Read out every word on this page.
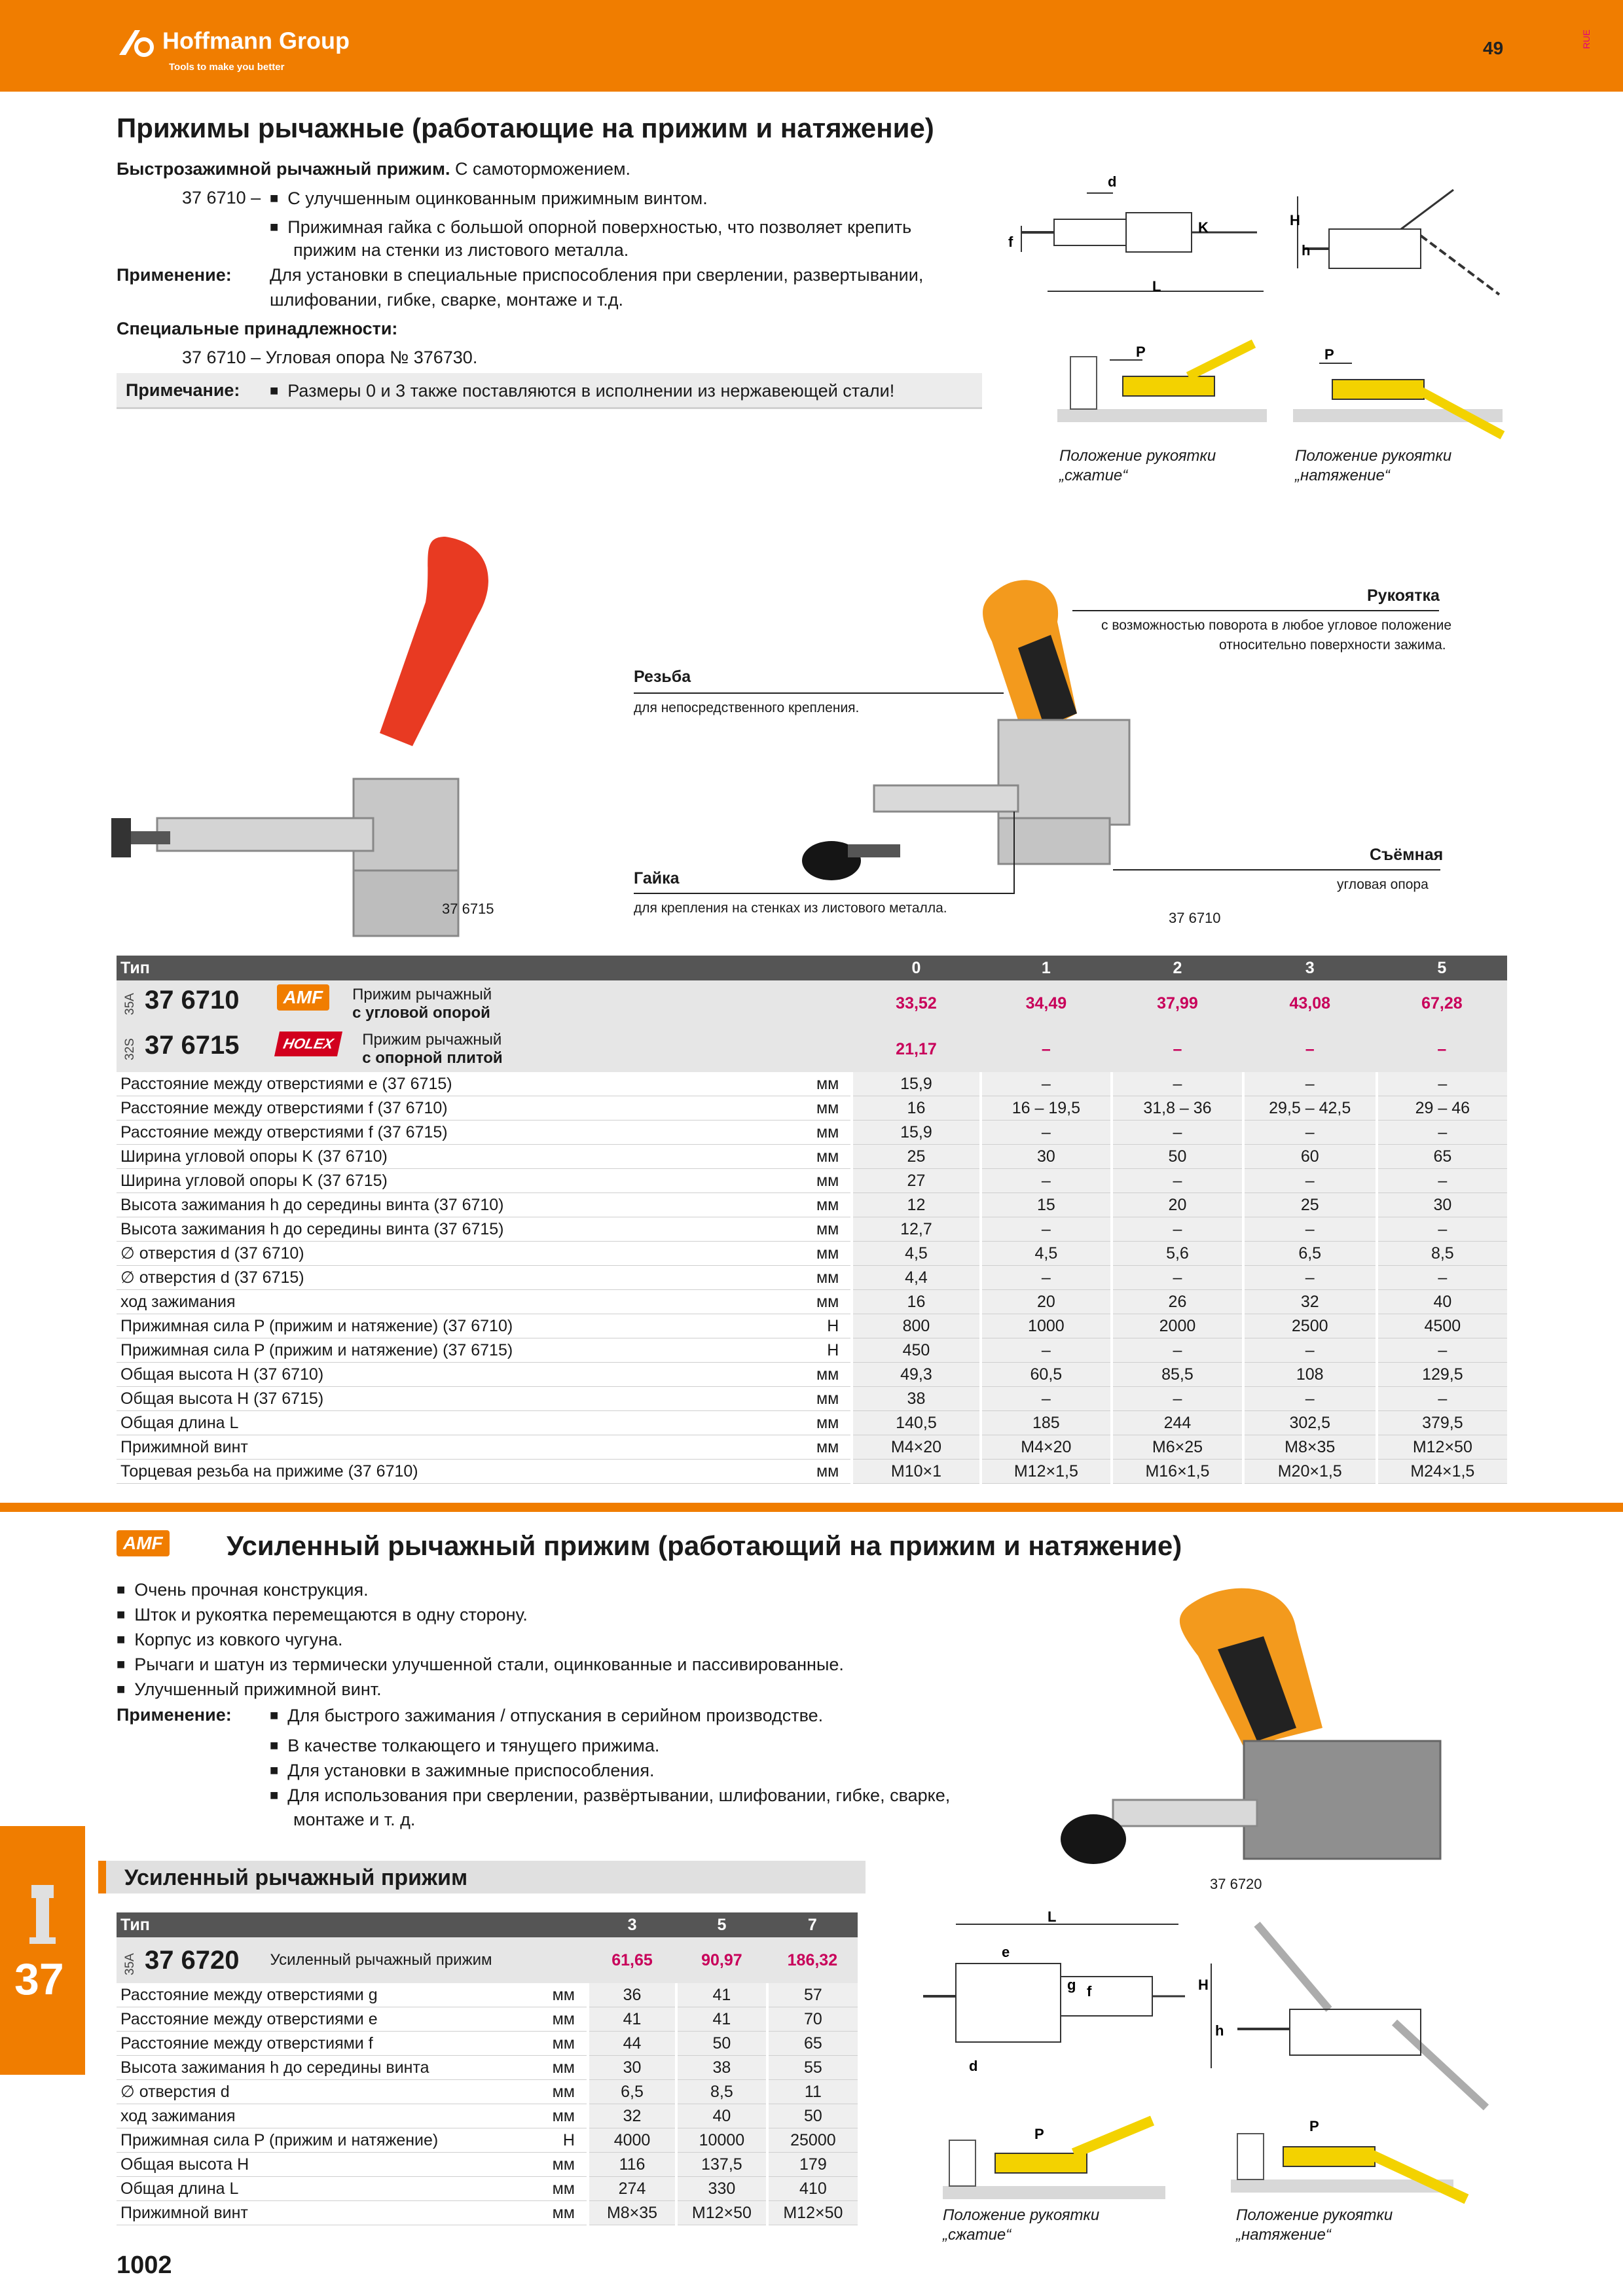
Hoffmann Group
Tools to make you better
49	RUE
Прижимы рычажные (работающие на прижим и натяжение)
Быстрозажимной рычажный прижим. С самоторможением.
37 6710 –	■ С улучшенным оцинкованным прижимным винтом.
■ Прижимная гайка с большой опорной поверхностью, что позволяет крепить
прижим на стенки из листового металла.
Применение: Для установки в специальные приспособления при сверлении, развертывании,
шлифовании, гибке, сварке, монтаже и т.д.
Специальные принадлежности:
37 6710 – Угловая опора № 376730.
Примечание:	■ Размеры 0 и 3 также поставляются в исполнении из нержавеющей стали!
d
f
K
L
H
h
P	P
Положение рукоятки
„сжатие“
Положение рукоятки
„натяжение“
37 6715
37 6710
Рукоятка
с возможностью поворота в любое угловое положение
относительно поверхности зажима.
Резьба
для непосредственного крепления.
Гайка
для крепления на стенках из листового металла.
Съёмная
угловая опора
Тип		0	1	2	3	5
35A 37 6710 AMF Прижим рычажный
с угловой опорой		33,52	34,49	37,99	43,08	67,28
32S 37 6715 HOLEX Прижим рычажный
с опорной плитой		21,17	–	–	–	–
Расстояние между отверстиями e (37 6715)	мм	15,9	–	–	–	–
Расстояние между отверстиями f (37 6710)	мм	16	16 – 19,5	31,8 – 36	29,5 – 42,5	29 – 46
Расстояние между отверстиями f (37 6715)	мм	15,9	–	–	–	–
Ширина угловой опоры K (37 6710)	мм	25	30	50	60	65
Ширина угловой опоры K (37 6715)	мм	27	–	–	–	–
Высота зажимания h до середины винта (37 6710)	мм	12	15	20	25	30
Высота зажимания h до середины винта (37 6715)	мм	12,7	–	–	–	–
∅ отверстия d (37 6710)	мм	4,5	4,5	5,6	6,5	8,5
∅ отверстия d (37 6715)	мм	4,4	–	–	–	–
ход зажимания	мм	16	20	26	32	40
Прижимная сила P (прижим и натяжение) (37 6710)	Н	800	1000	2000	2500	4500
Прижимная сила P (прижим и натяжение) (37 6715)	Н	450	–	–	–	–
Общая высота H (37 6710)	мм	49,3	60,5	85,5	108	129,5
Общая высота H (37 6715)	мм	38	–	–	–	–
Общая длина L	мм	140,5	185	244	302,5	379,5
Прижимной винт	мм	M4×20	M4×20	M6×25	M8×35	M12×50
Торцевая резьба на прижиме (37 6710)	мм	M10×1	M12×1,5	M16×1,5	M20×1,5	M24×1,5
AMF Усиленный рычажный прижим (работающий на прижим и натяжение)
■ Очень прочная конструкция.
■ Шток и рукоятка перемещаются в одну сторону.
■ Корпус из ковкого чугуна.
■ Рычаги и шатун из термически улучшенной стали, оцинкованные и пассивированные.
■ Улучшенный прижимной винт.
Применение:	■ Для быстрого зажимания / отпускания в серийном производстве.
■ В качестве толкающего и тянущего прижима.
■ Для установки в зажимные приспособления.
■ Для использования при сверлении, развёртывании, шлифовании, гибке, сварке,
монтаже и т. д.
37 6720
Усиленный рычажный прижим
Тип		3	5	7
35A 37 6720 Усиленный рычажный прижим		61,65	90,97	186,32
Расстояние между отверстиями g	мм	36	41	57
Расстояние между отверстиями e	мм	41	41	70
Расстояние между отверстиями f	мм	44	50	65
Высота зажимания h до середины винта	мм	30	38	55
∅ отверстия d	мм	6,5	8,5	11
ход зажимания	мм	32	40	50
Прижимная сила P (прижим и натяжение)	Н	4000	10000	25000
Общая высота H	мм	116	137,5	179
Общая длина L	мм	274	330	410
Прижимной винт	мм	M8×35	M12×50	M12×50
L
e
g f
d
H
h
P	P
Положение рукоятки
„сжатие“
Положение рукоятки
„натяжение“
37
1002
